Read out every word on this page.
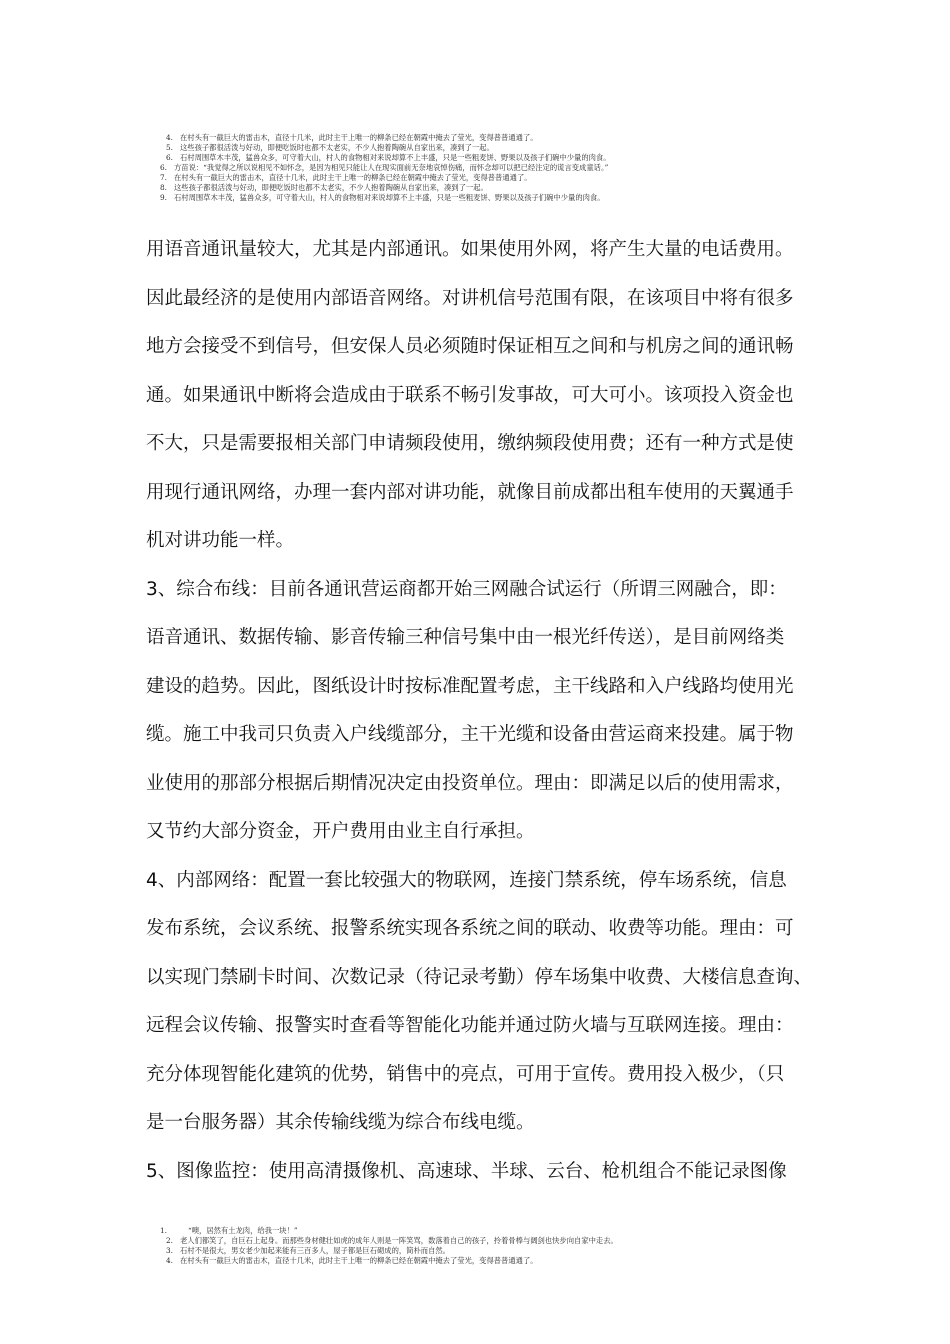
4. 在村头有一截巨大的雷击木，直径十几米，此时主干上唯一的柳条已经在朝霞中掩去了莹光，变得普普通通了。
5. 这些孩子都很活泼与好动，即便吃饭时也都不太老实，不少人抱着陶碗从自家出来，凑到了一起。
6. 石村周围草木丰茂，猛兽众多，可守着大山，村人的食物相对来说却算不上丰盛，只是一些粗麦饼、野果以及孩子们碗中少量的肉食。
6. 方苗说：“我觉得之所以说相见不如怀念，是因为相见只能让人在现实面前无奈地哀悼伤痛，而怀念却可以把已经注定的谎言变成童话。”
7. 在村头有一截巨大的雷击木，直径十几米，此时主干上唯一的柳条已经在朝霞中掩去了莹光，变得普普通通了。
8. 这些孩子都很活泼与好动，即便吃饭时也都不太老实，不少人抱着陶碗从自家出来，凑到了一起。
9. 石村周围草木丰茂，猛兽众多，可守着大山，村人的食物相对来说却算不上丰盛，只是一些粗麦饼、野果以及孩子们碗中少量的肉食。
用语音通讯量较大，尤其是内部通讯。如果使用外网，将产生大量的电话费用。
因此最经济的是使用内部语音网络。对讲机信号范围有限，在该项目中将有很多
地方会接受不到信号，但安保人员必须随时保证相互之间和与机房之间的通讯畅
通。如果通讯中断将会造成由于联系不畅引发事故，可大可小。该项投入资金也
不大，只是需要报相关部门申请频段使用，缴纳频段使用费；还有一种方式是使
用现行通讯网络，办理一套内部对讲功能，就像目前成都出租车使用的天翼通手
机对讲功能一样。
3、综合布线：目前各通讯营运商都开始三网融合试运行（所谓三网融合，即：
语音通讯、数据传输、影音传输三种信号集中由一根光纤传送），是目前网络类
建设的趋势。因此，图纸设计时按标准配置考虑，主干线路和入户线路均使用光
缆。施工中我司只负责入户线缆部分，主干光缆和设备由营运商来投建。属于物
业使用的那部分根据后期情况决定由投资单位。理由：即满足以后的使用需求，
又节约大部分资金，开户费用由业主自行承担。
4、内部网络：配置一套比较强大的物联网，连接门禁系统，停车场系统，信息
发布系统，会议系统、报警系统实现各系统之间的联动、收费等功能。理由：可
以实现门禁刷卡时间、次数记录（待记录考勤）停车场集中收费、大楼信息查询、
远程会议传输、报警实时查看等智能化功能并通过防火墙与互联网连接。理由：
充分体现智能化建筑的优势，销售中的亮点，可用于宣传。费用投入极少，（只
是一台服务器）其余传输线缆为综合布线电缆。
5、图像监控：使用高清摄像机、高速球、半球、云台、枪机组合不能记录图像
1.	“噢，居然有土龙肉，给我一块！”
2. 老人们都笑了，自巨石上起身。而那些身材健壮如虎的成年人则是一阵笑骂，数落着自己的孩子，拎着骨棒与阔剑也快步向自家中走去。
3. 石村不是很大，男女老少加起来能有三百多人，屋子都是巨石砌成的，简朴而自然。
4. 在村头有一截巨大的雷击木，直径十几米，此时主干上唯一的柳条已经在朝霞中掩去了莹光，变得普普通通了。
